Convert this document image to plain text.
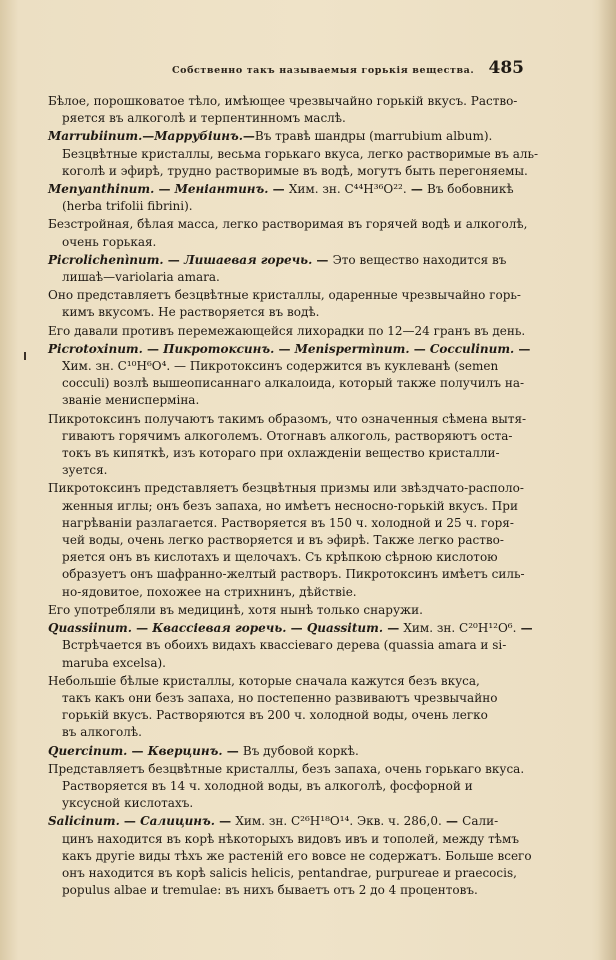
Собственно такъ называемыя горькія вещества. 485
Бѣлое, порошковатое тѣло, имѣющее чрезвычайно горькій вкусъ. Раство-
ряется въ алкоголѣ и терпентинномъ маслѣ.
Marrubiinum.—Маррубіинъ.—Въ травѣ шандры (marrubium album).
Безцвѣтные кристаллы, весьма горькаго вкуса, легко растворимые въ аль-
коголѣ и эфирѣ, трудно растворимые въ водѣ, могутъ быть перегоняемы.
Menyanthinum. — Меніантинъ. — Хим. зн. C⁴⁴H³⁶O²². — Въ бобовникѣ
(herba trifolii fibrini).
Безстройная, бѣлая масса, легко растворимая въ горячей водѣ и алкоголѣ,
очень горькая.
Picrolichenìnum. — Лишаевая горечь. — Это вещество находится въ
лишаѣ—variolaria amara.
Оно представляетъ безцвѣтные кристаллы, одаренные чрезвычайно горь-
кимъ вкусомъ. Не растворяется въ водѣ.
Его давали противъ перемежающейся лихорадки по 12—24 гранъ въ день.
Picrotoxinum. — Пикротоксинъ. — Menispermìnum. — Cocculinum. —
Хим. зн. C¹⁰H⁶O⁴. — Пикротоксинъ содержится въ куклеванѣ (semen
cocculi) возлѣ вышеописаннаго алкалоида, который также получилъ на-
званіе менисперміна.
Пикротоксинъ получаютъ такимъ образомъ, что означенныя сѣмена вытя-
гиваютъ горячимъ алкоголемъ. Отогнавъ алкоголь, растворяютъ оста-
токъ въ кипяткѣ, изъ котораго при охлажденіи вещество кристалли-
зуется.
Пикротоксинъ представляетъ безцвѣтныя призмы или звѣздчато-располо-
женныя иглы; онъ безъ запаха, но имѣетъ несносно-горькій вкусъ. При
нагрѣваніи разлагается. Растворяется въ 150 ч. холодной и 25 ч. горя-
чей воды, очень легко растворяется и въ эфирѣ. Также легко раство-
ряется онъ въ кислотахъ и щелочахъ. Съ крѣпкою сѣрною кислотою
образуетъ онъ шафранно-желтый растворъ. Пикротоксинъ имѣетъ силь-
но-ядовитое, похожее на стрихнинъ, дѣйствіе.
Его употребляли въ медицинѣ, хотя нынѣ только снаружи.
Quassiinum. — Квассіевая горечь. — Quassitum. — Хим. зн. C²⁰H¹²O⁶. —
Встрѣчается въ обоихъ видахъ квассіеваго дерева (quassia amara и si-
maruba excelsa).
Небольшіе бѣлые кристаллы, которые сначала кажутся безъ вкуса,
такъ какъ они безъ запаха, но постепенно развиваютъ чрезвычайно
горькій вкусъ. Растворяются въ 200 ч. холодной воды, очень легко
въ алкоголѣ.
Quercinum. — Кверцинъ. — Въ дубовой коркѣ.
Представляетъ безцвѣтные кристаллы, безъ запаха, очень горькаго вкуса.
Растворяется въ 14 ч. холодной воды, въ алкоголѣ, фосфорной и
уксусной кислотахъ.
Salicinum. — Салицинъ. — Хим. зн. C²⁶H¹⁸O¹⁴. Экв. ч. 286,0. — Сали-
цинъ находится въ корѣ нѣкоторыхъ видовъ ивъ и тополей, между тѣмъ
какъ другіе виды тѣхъ же растеній его вовсе не содержатъ. Больше всего
онъ находится въ корѣ salicis helicis, pentandrae, purpureae и praecocis,
populus albae и tremulae: въ нихъ бываетъ отъ 2 до 4 процентовъ.
